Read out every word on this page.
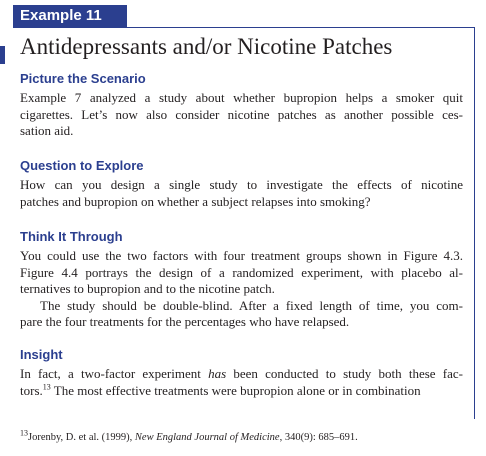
Example 11
Antidepressants and/or Nicotine Patches
Picture the Scenario
Example 7 analyzed a study about whether bupropion helps a smoker quit
cigarettes. Let’s now also consider nicotine patches as another possible ces-
sation aid.
Question to Explore
How can you design a single study to investigate the effects of nicotine
patches and bupropion on whether a subject relapses into smoking?
Think It Through
You could use the two factors with four treatment groups shown in Figure 4.3.
Figure 4.4 portrays the design of a randomized experiment, with placebo al-
ternatives to bupropion and to the nicotine patch.
The study should be double-blind. After a fixed length of time, you com-
pare the four treatments for the percentages who have relapsed.
Insight
In fact, a two-factor experiment has been conducted to study both these fac-
tors.$^{13}$ The most effective treatments were bupropion alone or in combination
$^{13}$Jorenby, D. et al. (1999), New England Journal of Medicine, 340(9): 685–691.
